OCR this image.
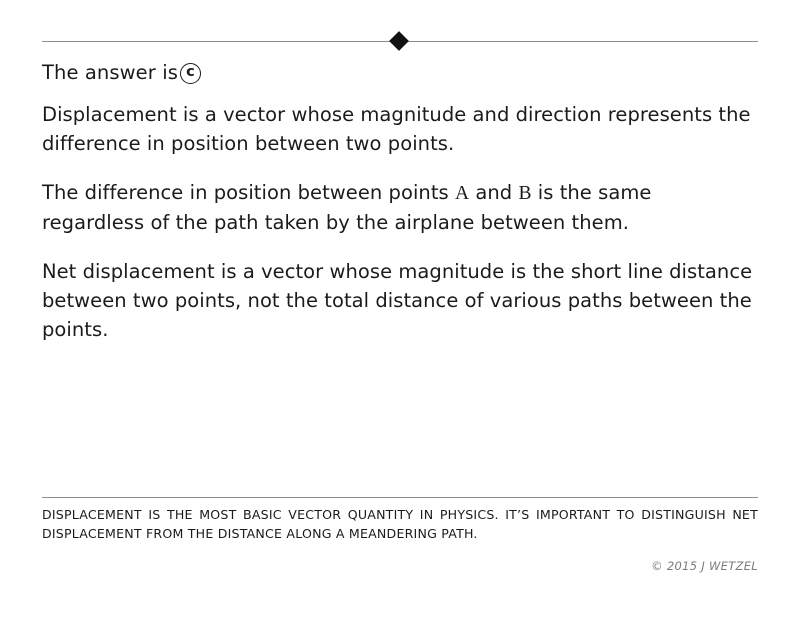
The answer is c

Displacement is a vector whose magnitude and direction represents the difference in position between two points.

The difference in position between points A and B is the same regardless of the path taken by the airplane between them.

Net displacement is a vector whose magnitude is the short line distance between two points, not the total distance of various paths between the points.

DISPLACEMENT IS THE MOST BASIC VECTOR QUANTITY IN PHYSICS. IT’S IMPORTANT TO DISTINGUISH NET
DISPLACEMENT FROM THE DISTANCE ALONG A MEANDERING PATH.
© 2015 J WETZEL
